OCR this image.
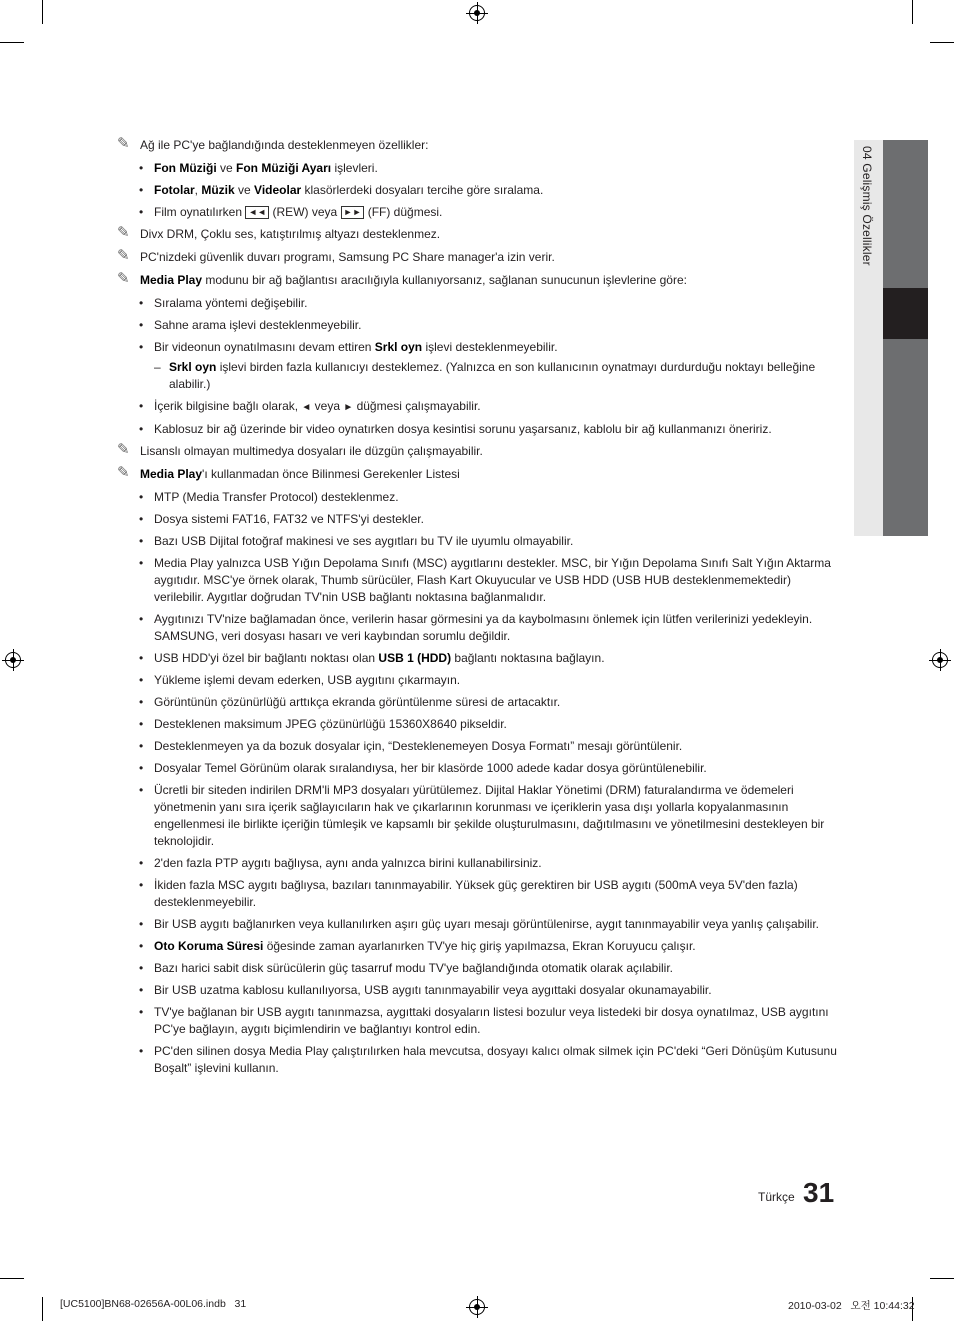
04 Gelişmiş Özellikler
✎ Ağ ile PC'ye bağlandığında desteklenmeyen özellikler:
• Fon Müziği ve Fon Müziği Ayarı işlevleri.
• Fotolar, Müzik ve Videolar klasörlerdeki dosyaları tercihe göre sıralama.
• Film oynatılırken ◄◄ (REW) veya ►► (FF) düğmesi.
✎ Divx DRM, Çoklu ses, katıştırılmış altyazı desteklenmez.
✎ PC'nizdeki güvenlik duvarı programı, Samsung PC Share manager'a izin verir.
✎ Media Play modunu bir ağ bağlantısı aracılığıyla kullanıyorsanız, sağlanan sunucunun işlevlerine göre:
• Sıralama yöntemi değişebilir.
• Sahne arama işlevi desteklenmeyebilir.
• Bir videonun oynatılmasını devam ettiren Srkl oyn işlevi desteklenmeyebilir.
– Srkl oyn işlevi birden fazla kullanıcıyı desteklemez. (Yalnızca en son kullanıcının oynatmayı durdurduğu noktayı belleğine alabilir.)
• İçerik bilgisine bağlı olarak, ◄ veya ► düğmesi çalışmayabilir.
• Kablosuz bir ağ üzerinde bir video oynatırken dosya kesintisi sorunu yaşarsanız, kablolu bir ağ kullanmanızı öneririz.
✎ Lisanslı olmayan multimedya dosyaları ile düzgün çalışmayabilir.
✎ Media Play'ı kullanmadan önce Bilinmesi Gerekenler Listesi
• MTP (Media Transfer Protocol) desteklenmez.
• Dosya sistemi FAT16, FAT32 ve NTFS'yi destekler.
• Bazı USB Dijital fotoğraf makinesi ve ses aygıtları bu TV ile uyumlu olmayabilir.
• Media Play yalnızca USB Yığın Depolama Sınıfı (MSC) aygıtlarını destekler. MSC, bir Yığın Depolama Sınıfı Salt Yığın Aktarma aygıtıdır. MSC'ye örnek olarak, Thumb sürücüler, Flash Kart Okuyucular ve USB HDD (USB HUB desteklenmemektedir) verilebilir. Aygıtlar doğrudan TV'nin USB bağlantı noktasına bağlanmalıdır.
• Aygıtınızı TV'nize bağlamadan önce, verilerin hasar görmesini ya da kaybolmasını önlemek için lütfen verilerinizi yedekleyin. SAMSUNG, veri dosyası hasarı ve veri kaybından sorumlu değildir.
• USB HDD'yi özel bir bağlantı noktası olan USB 1 (HDD) bağlantı noktasına bağlayın.
• Yükleme işlemi devam ederken, USB aygıtını çıkarmayın.
• Görüntünün çözünürlüğü arttıkça ekranda görüntülenme süresi de artacaktır.
• Desteklenen maksimum JPEG çözünürlüğü 15360X8640 pikseldir.
• Desteklenmeyen ya da bozuk dosyalar için, “Desteklenemeyen Dosya Formatı” mesajı görüntülenir.
• Dosyalar Temel Görünüm olarak sıralandıysa, her bir klasörde 1000 adede kadar dosya görüntülenebilir.
• Ücretli bir siteden indirilen DRM'li MP3 dosyaları yürütülemez. Dijital Haklar Yönetimi (DRM) faturalandırma ve ödemeleri yönetmenin yanı sıra içerik sağlayıcıların hak ve çıkarlarının korunması ve içeriklerin yasa dışı yollarla kopyalanmasının engellenmesi ile birlikte içeriğin tümleşik ve kapsamlı bir şekilde oluşturulmasını, dağıtılmasını ve yönetilmesini destekleyen bir teknolojidir.
• 2'den fazla PTP aygıtı bağlıysa, aynı anda yalnızca birini kullanabilirsiniz.
• İkiden fazla MSC aygıtı bağlıysa, bazıları tanınmayabilir. Yüksek güç gerektiren bir USB aygıtı (500mA veya 5V'den fazla) desteklenmeyebilir.
• Bir USB aygıtı bağlanırken veya kullanılırken aşırı güç uyarı mesajı görüntülenirse, aygıt tanınmayabilir veya yanlış çalışabilir.
• Oto Koruma Süresi öğesinde zaman ayarlanırken TV'ye hiç giriş yapılmazsa, Ekran Koruyucu çalışır.
• Bazı harici sabit disk sürücülerin güç tasarruf modu TV'ye bağlandığında otomatik olarak açılabilir.
• Bir USB uzatma kablosu kullanılıyorsa, USB aygıtı tanınmayabilir veya aygıttaki dosyalar okunamayabilir.
• TV'ye bağlanan bir USB aygıtı tanınmazsa, aygıttaki dosyaların listesi bozulur veya listedeki bir dosya oynatılmaz, USB aygıtını PC'ye bağlayın, aygıtı biçimlendirin ve bağlantıyı kontrol edin.
• PC'den silinen dosya Media Play çalıştırılırken hala mevcutsa, dosyayı kalıcı olmak silmek için PC'deki “Geri Dönüşüm Kutusunu Boşalt” işlevini kullanın.
Türkçe 31
[UC5100]BN68-02656A-00L06.indb   31	2010-03-02   오전 10:44:32
